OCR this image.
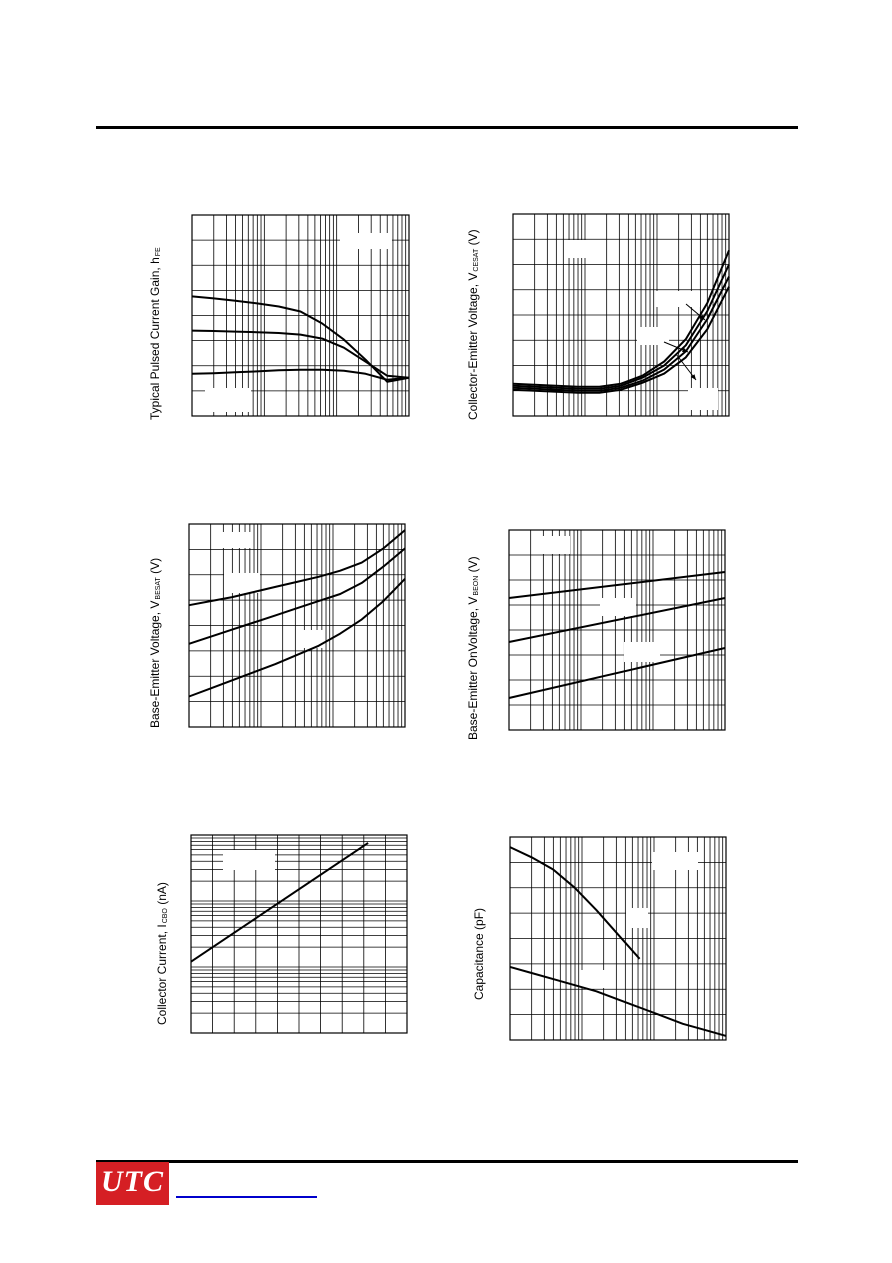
Typical Pulsed Current Gain, hFE
Collector-Emitter Voltage, VCESAT (V)
Base-Emitter Voltage, VBESAT (V)
Base-Emitter OnVoltage, VBEON (V)
Collector Current, ICBO (nA)
Capacitance (pF)
UTC
